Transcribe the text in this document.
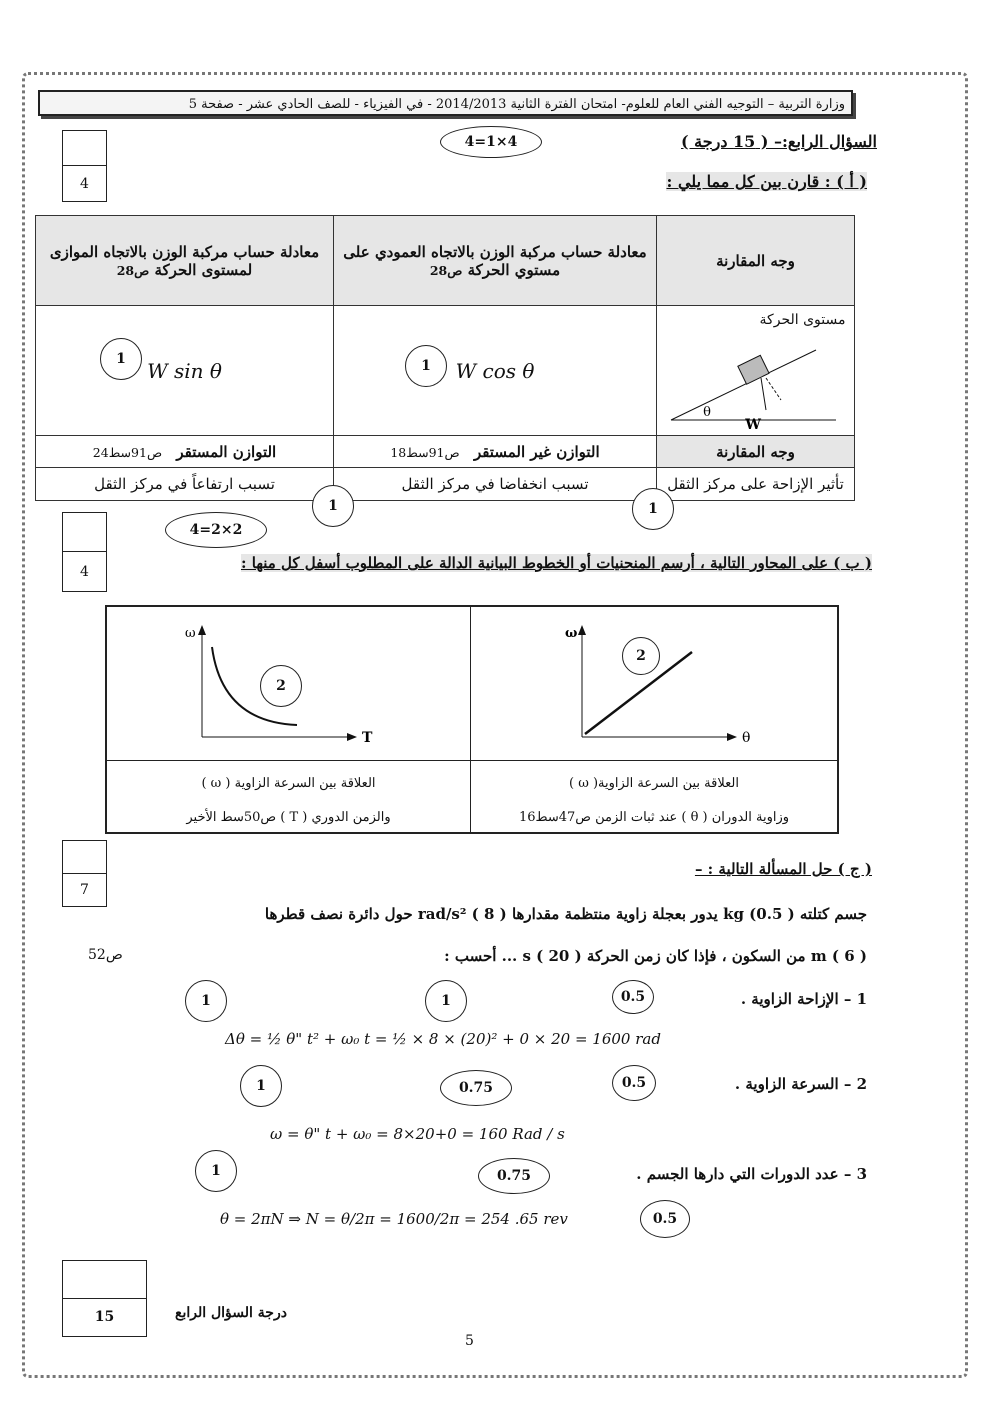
وزارة التربية – التوجيه الفني العام للعلوم- امتحان الفترة الثانية 2014/2013 - في الفيزياء - للصف الحادي عشر - صفحة 5
السؤال الرابع:– ( 15 درجة )
4
4=1×4
( أ ) : قارن بين كل مما يلي :
وجه المقارنة	معادلة حساب مركبة الوزن بالاتجاه العمودي على مستوي الحركة ص28	معادلة حساب مركبة الوزن بالاتجاه الموازى لمستوى الحركة ص28

θ
W
مستوى الحركة	W cos θ	W sin θ
وجه المقارنة	التوازن غير المستقر   ص91سط18	التوازن المستقر   ص91سط24
تأثير الإزاحة على مركز الثقل	تسبب انخفاضا في مركز الثقل	تسبب ارتفاعاً في مركز الثقل
1
1
1	1
4
4=2×2
( ب ) على المحاور التالية ، أرسم المنحنيات أو الخطوط البيانية الدالة على المطلوب أسفل كل منها :
ω
T
ω
θ
2
2
العلاقة بين السرعة الزاوية ( ω )
والزمن الدوري ( T ) ص50سط الأخير
العلاقة بين السرعة الزاوية( ω )
وزاوية الدوران ( θ ) عند ثبات الزمن ص47سط16
7
( ج ) حل المسألة التالية : –
جسم كتلته kg (0.5 ) يدور بعجلة زاوية منتظمة مقدارها rad/s² ( 8 ) حول دائرة نصف قطرها
m ( 6 ) من السكون ، فإذا كان زمن الحركة s ( 20 ) ... أحسب :
ص52
1 – الإزاحة الزاوية .
Δθ = ½ θ" t² + ω₀ t = ½ × 8 × (20)² + 0 × 20 = 1600 rad
1	1	0.5
2 – السرعة الزاوية .
ω = θ" t + ω₀ = 8×20+0 = 160 Rad / s
1	0.75	0.5
3 – عدد الدورات التي دارها الجسم .
θ = 2πN ⇒ N = θ/2π = 1600/2π = 254 .65 rev
1	0.75
0.5
15	درجة السؤال الرابع
5
